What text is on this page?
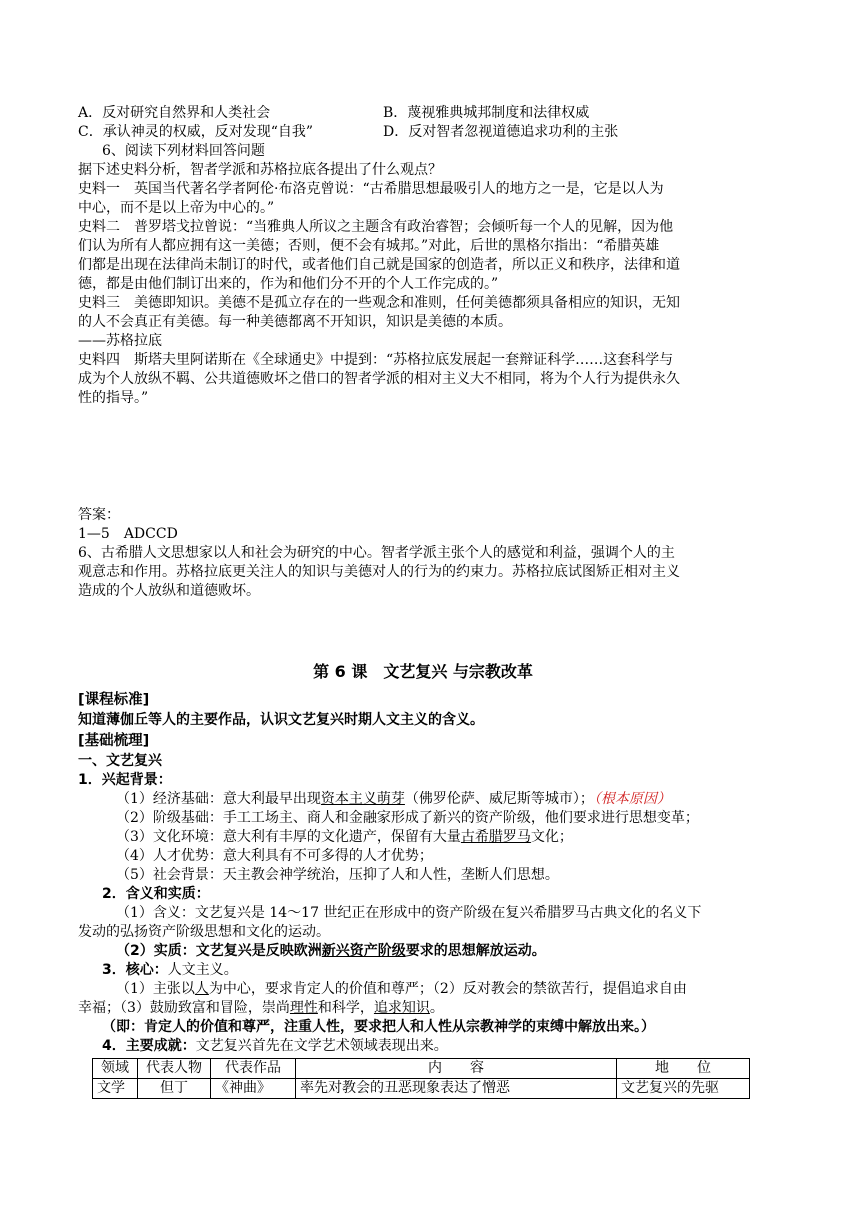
A．反对研究自然界和人类社会	B．蔑视雅典城邦制度和法律权威
C．承认神灵的权威，反对发现“自我”	D．反对智者忽视道德追求功利的主张

6、阅读下列材料回答问题

据下述史料分析，智者学派和苏格拉底各提出了什么观点？

史料一　英国当代著名学者阿伦·布洛克曾说：“古希腊思想最吸引人的地方之一是，它是以人为

中心，而不是以上帝为中心的。”

史料二　普罗塔戈拉曾说：“当雅典人所议之主题含有政治睿智；会倾听每一个人的见解，因为他

们认为所有人都应拥有这一美德；否则，便不会有城邦。”对此，后世的黑格尔指出：“希腊英雄

们都是出现在法律尚未制订的时代，或者他们自己就是国家的创造者，所以正义和秩序，法律和道

德，都是由他们制订出来的，作为和他们分不开的个人工作完成的。”

史料三　美德即知识。美德不是孤立存在的一些观念和准则，任何美德都须具备相应的知识，无知

的人不会真正有美德。每一种美德都离不开知识，知识是美德的本质。

——苏格拉底

史料四　斯塔夫里阿诺斯在《全球通史》中提到：“苏格拉底发展起一套辩证科学……这套科学与

成为个人放纵不羁、公共道德败坏之借口的智者学派的相对主义大不相同，将为个人行为提供永久

性的指导。”

答案：

1—5　ADCCD

6、古希腊人文思想家以人和社会为研究的中心。智者学派主张个人的感觉和利益，强调个人的主

观意志和作用。苏格拉底更关注人的知识与美德对人的行为的约束力。苏格拉底试图矫正相对主义

造成的个人放纵和道德败坏。

第 6 课　文艺复兴 与宗教改革

[课程标准]

知道薄伽丘等人的主要作品，认识文艺复兴时期人文主义的含义。

[基础梳理]

一、文艺复兴

1．兴起背景：

（1）经济基础：意大利最早出现资本主义萌芽（佛罗伦萨、威尼斯等城市）；（根本原因）

（2）阶级基础：手工工场主、商人和金融家形成了新兴的资产阶级，他们要求进行思想变革；

（3）文化环境：意大利有丰厚的文化遗产，保留有大量古希腊罗马文化；

（4）人才优势：意大利具有不可多得的人才优势；

（5）社会背景：天主教会神学统治，压抑了人和人性，垄断人们思想。

2．含义和实质：

（1）含义：文艺复兴是 14～17 世纪正在形成中的资产阶级在复兴希腊罗马古典文化的名义下

发动的弘扬资产阶级思想和文化的运动。

（2）实质：文艺复兴是反映欧洲新兴资产阶级要求的思想解放运动。

3．核心：人文主义。

（1）主张以人为中心，要求肯定人的价值和尊严；（2）反对教会的禁欲苦行，提倡追求自由

幸福；（3）鼓励致富和冒险，崇尚理性和科学，追求知识。

（即：肯定人的价值和尊严，注重人性，要求把人和人性从宗教神学的束缚中解放出来。）

4．主要成就：文艺复兴首先在文学艺术领域表现出来。

领域	代表人物	代表作品	内　　容	地　　位
文学	但丁	《神曲》	率先对教会的丑恶现象表达了憎恶	文艺复兴的先驱
